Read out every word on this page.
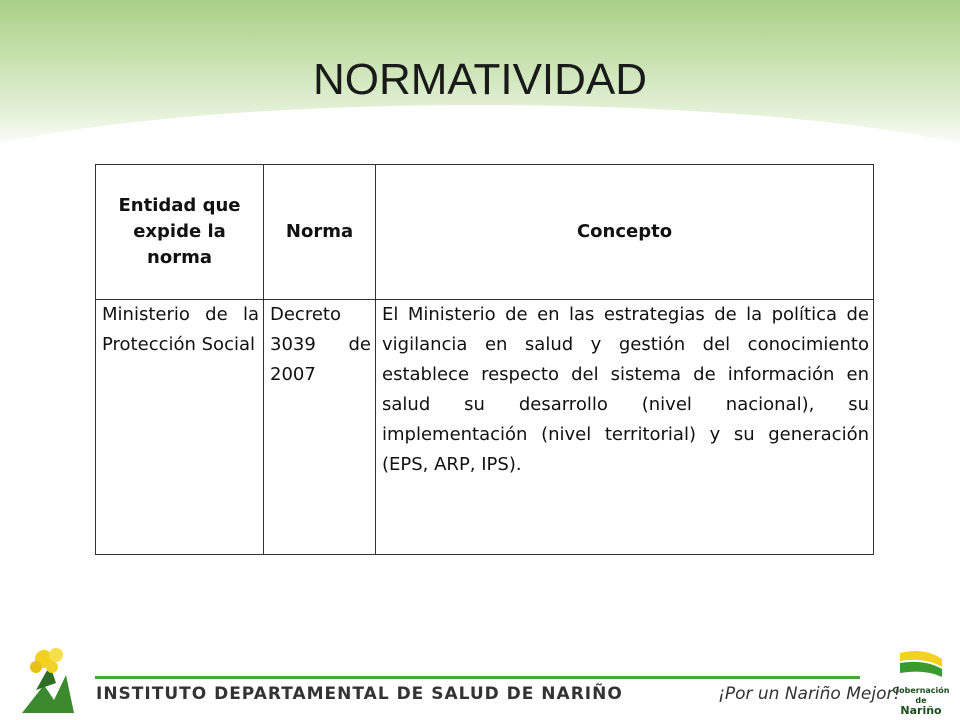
NORMATIVIDAD
Entidad que expide la norma	Norma	Concepto
Ministerio de la Protección Social	Decreto 3039 de 2007	El Ministerio de en las estrategias de la política de vigilancia en salud y gestión del conocimiento establece respecto del sistema de información en salud su desarrollo (nivel nacional), su implementación (nivel territorial) y su generación (EPS, ARP, IPS).
Gobernación de
Nariño
INSTITUTO DEPARTAMENTAL DE SALUD DE NARIÑO	¡Por un Nariño Mejor!
